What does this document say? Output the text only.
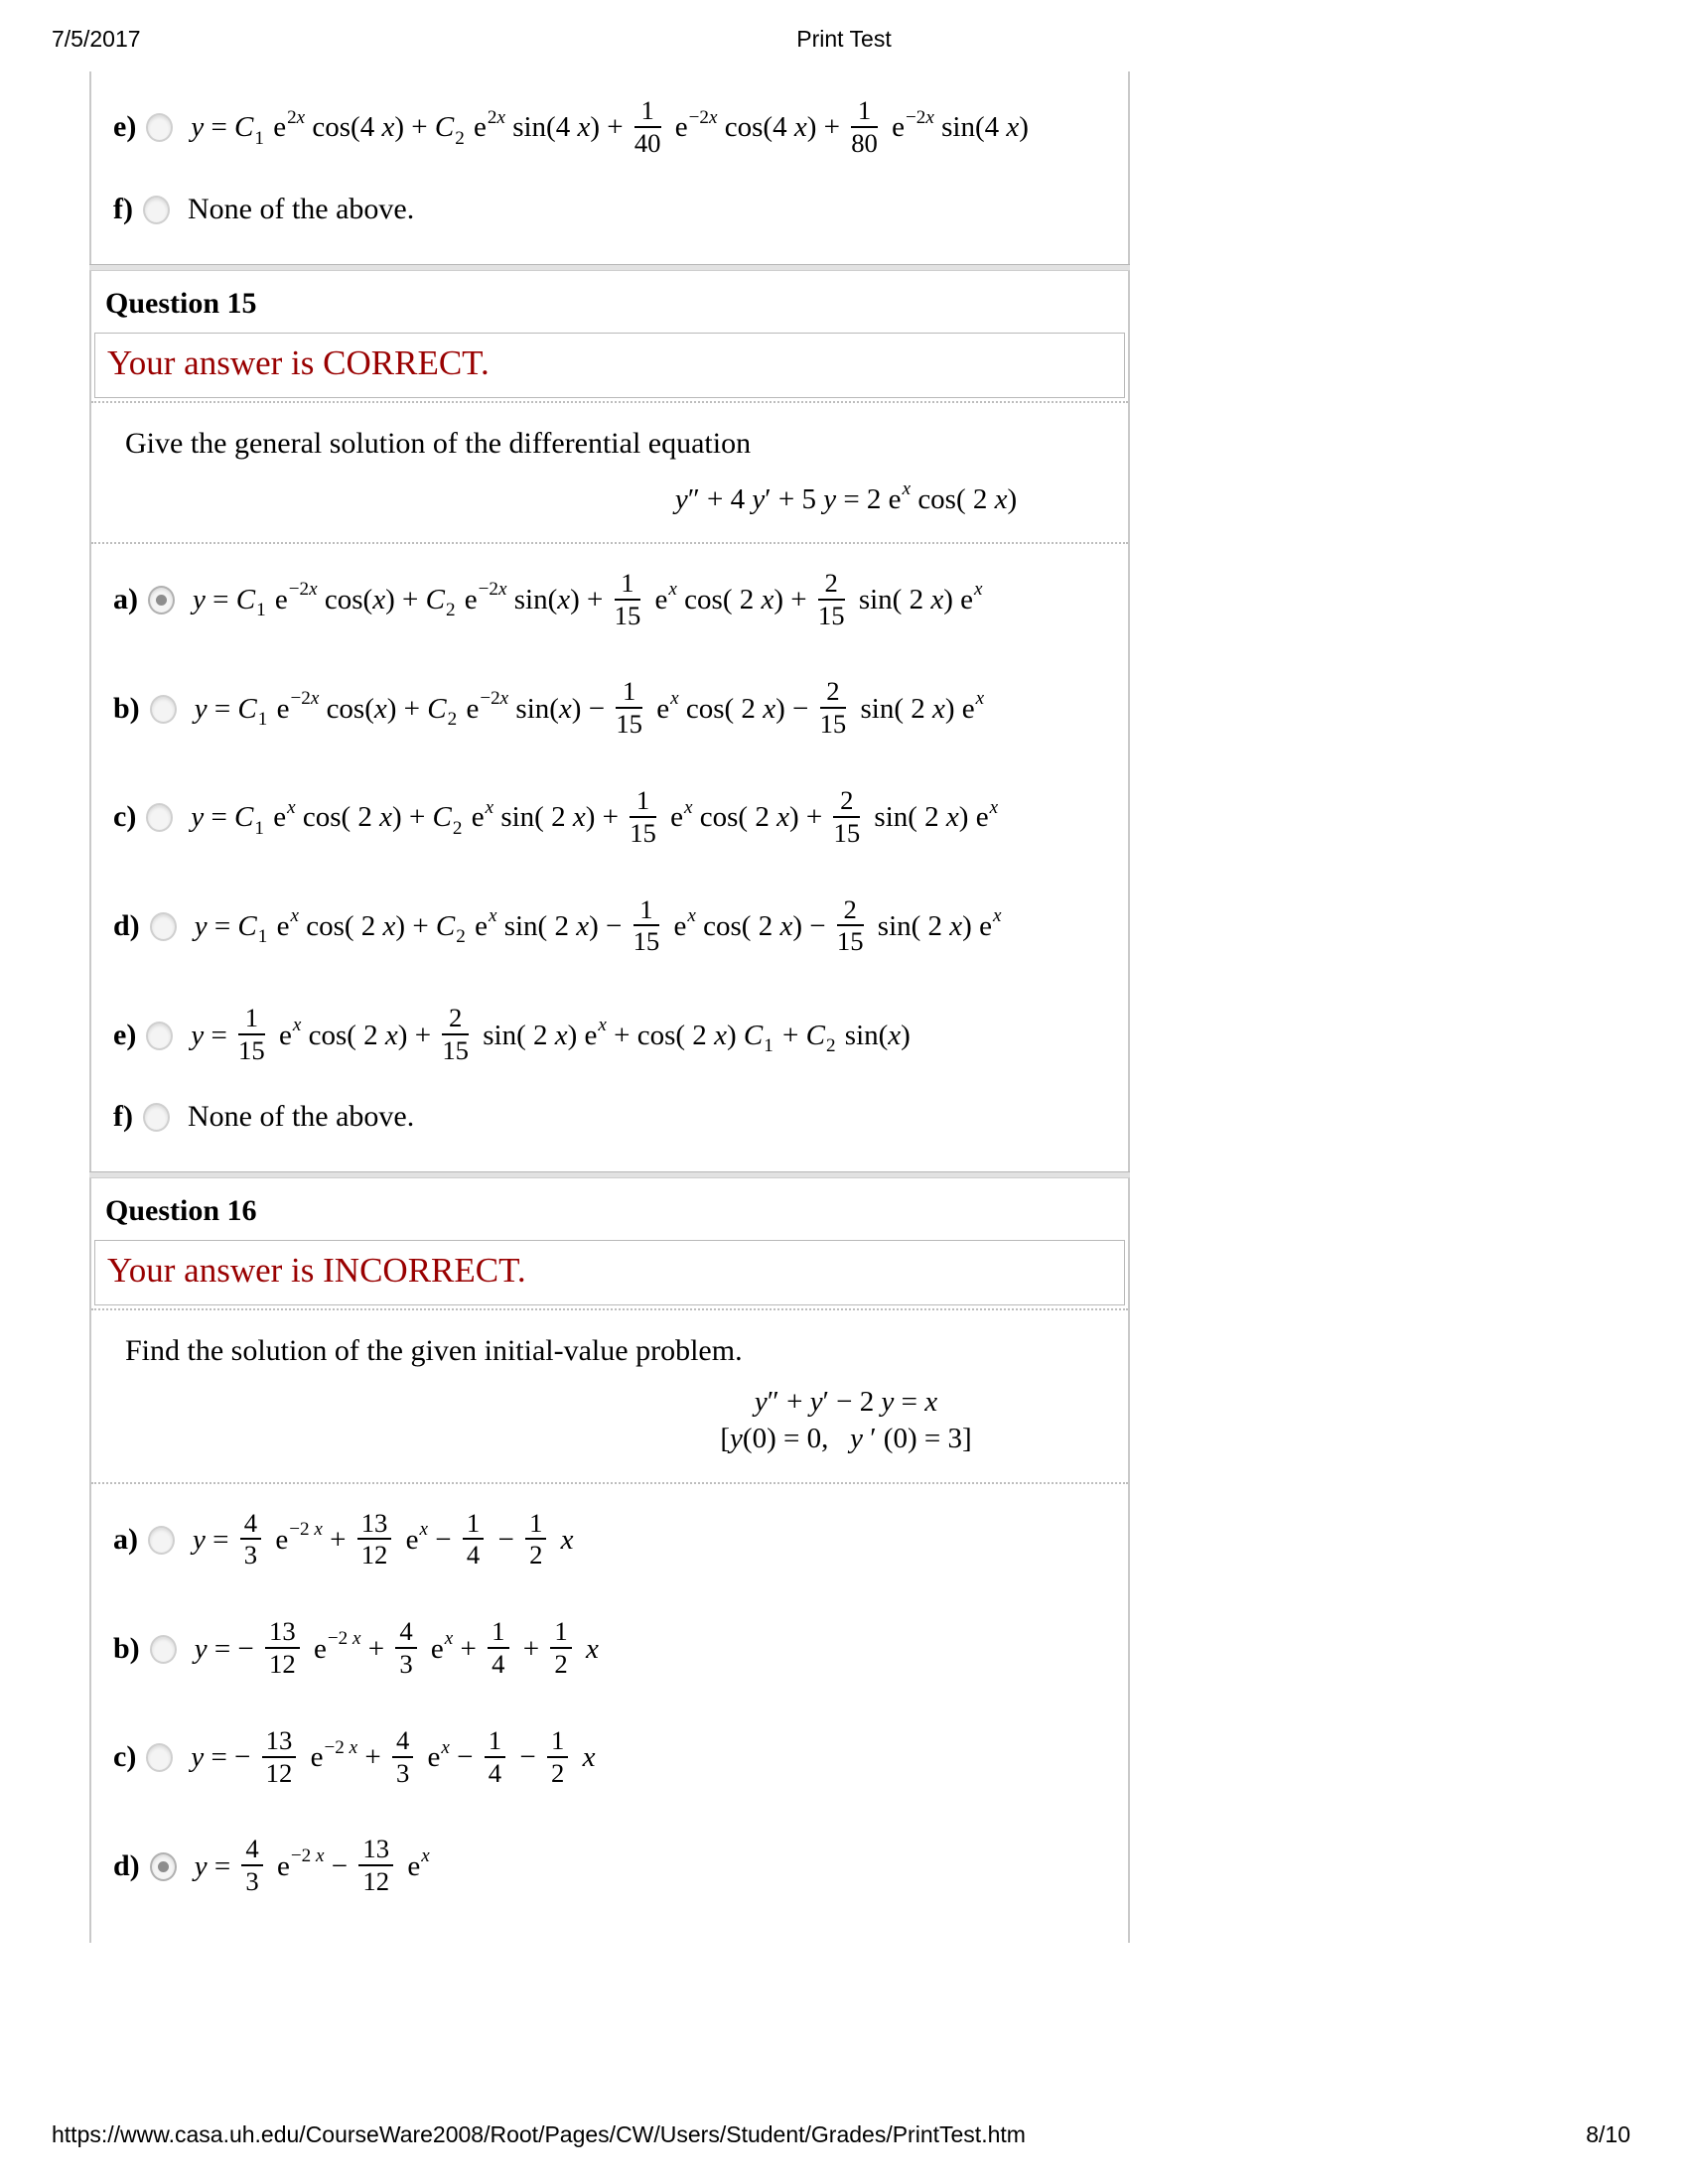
7/5/2017	Print Test
e) $y = C_1$ $e^{2x}$ cos(4 $x) + C_2$ $e^{2x}$ sin(4 $x) + \frac{1}{40} e^{-2x}$ cos(4 $x) + \frac{1}{80} e^{-2x}$ sin(4 x)
f) None of the above.
Question 15
Your answer is CORRECT.
Give the general solution of the differential equation
y″ + 4 y′ + 5 y = 2 $e^x$ cos( 2 x)
a) $y = C_1$ $e^{-2x}$ $\cos(x) + C_2$ $e^{-2x}$ $\sin(x) + \frac{1}{15} e^x$ cos( 2 $x) + \frac{2}{15} \sin$( 2 x) $e^x$
b) $y = C_1$ $e^{-2x}$ $\cos(x) + C_2$ $e^{-2x}$ $\sin(x) - \frac{1}{15} e^x$ cos( 2 $x) - \frac{2}{15} \sin$( 2 x) $e^x$
c) $y = C_1$ $e^x$ cos( 2 $x) + C_2$ $e^x$ sin( 2 $x) + \frac{1}{15} e^x$ cos( 2 $x) + \frac{2}{15} \sin$( 2 x) $e^x$
d) $y = C_1$ $e^x$ cos( 2 $x) + C_2$ $e^x$ sin( 2 $x) - \frac{1}{15} e^x$ cos( 2 $x) - \frac{2}{15} \sin$( 2 x) $e^x$
e) $y = \frac{1}{15} e^x$ cos( 2 $x) + \frac{2}{15} \sin$( 2 x) $e^x + \cos$( 2 x) $C_1 + C_2$ sin(x)
f) None of the above.
Question 16
Your answer is INCORRECT.
Find the solution of the given initial-value problem.
y″ + y′ − 2 y = x
[y(0) = 0,  y ′ (0) = 3]
a) $y = \frac{4}{3} e^{-2 x} + \frac{13}{12} e^x - \frac{1}{4} - \frac{1}{2}$ x
b) y = − $\frac{13}{12} e^{-2 x} + \frac{4}{3} e^x + \frac{1}{4} + \frac{1}{2}$ x
c) y = − $\frac{13}{12} e^{-2 x} + \frac{4}{3} e^x - \frac{1}{4} - \frac{1}{2}$ x
d) $y = \frac{4}{3} e^{-2 x} - \frac{13}{12} e^x$
https://www.casa.uh.edu/CourseWare2008/Root/Pages/CW/Users/Student/Grades/PrintTest.htm	8/10
